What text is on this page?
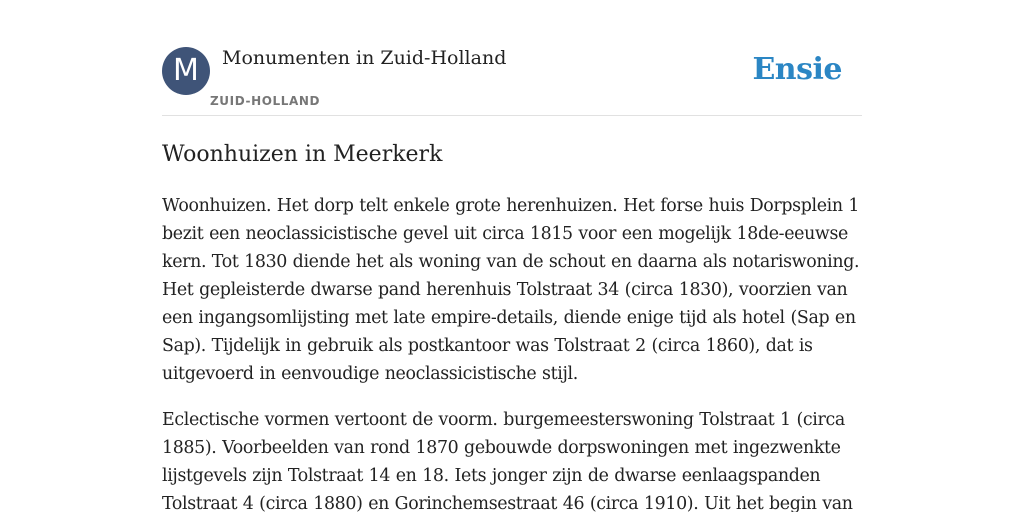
M	Monumenten in Zuid-Holland
ZUID-HOLLAND
Ensie
Woonhuizen in Meerkerk

Woonhuizen. Het dorp telt enkele grote herenhuizen. Het forse huis Dorpsplein 1
bezit een neoclassicistische gevel uit circa 1815 voor een mogelijk 18de-eeuwse
kern. Tot 1830 diende het als woning van de schout en daarna als notariswoning.
Het gepleisterde dwarse pand herenhuis Tolstraat 34 (circa 1830), voorzien van
een ingangsomlijsting met late empire-details, diende enige tijd als hotel (Sap en
Sap). Tijdelijk in gebruik als postkantoor was Tolstraat 2 (circa 1860), dat is
uitgevoerd in eenvoudige neoclassicistische stijl.

Eclectische vormen vertoont de voorm. burgemeesterswoning Tolstraat 1 (circa
1885). Voorbeelden van rond 1870 gebouwde dorpswoningen met ingezwenkte
lijstgevels zijn Tolstraat 14 en 18. Iets jonger zijn de dwarse eenlaagspanden
Tolstraat 4 (circa 1880) en Gorinchemsestraat 46 (circa 1910). Uit het begin van
